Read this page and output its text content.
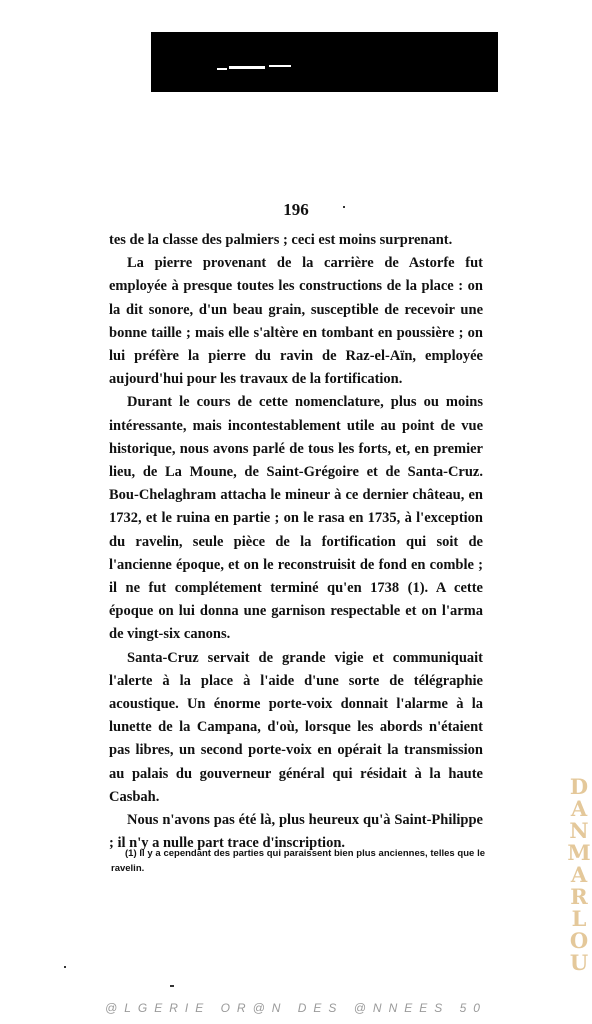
196

tes de la classe des palmiers ; ceci est moins surprenant.

La pierre provenant de la carrière de Astorfe fut employée à presque toutes les constructions de la place : on la dit sonore, d'un beau grain, susceptible de recevoir une bonne taille ; mais elle s'altère en tombant en poussière ; on lui préfère la pierre du ravin de Raz-el-Aïn, employée aujourd'hui pour les travaux de la fortification.

Durant le cours de cette nomenclature, plus ou moins intéressante, mais incontestablement utile au point de vue historique, nous avons parlé de tous les forts, et, en premier lieu, de La Moune, de Saint-Grégoire et de Santa-Cruz. Bou-Chelaghram attacha le mineur à ce dernier château, en 1732, et le ruina en partie ; on le rasa en 1735, à l'exception du ravelin, seule pièce de la fortification qui soit de l'ancienne époque, et on le reconstruisit de fond en comble ; il ne fut complétement terminé qu'en 1738 (1). A cette époque on lui donna une garnison respectable et on l'arma de vingt-six canons.

Santa-Cruz servait de grande vigie et communiquait l'alerte à la place à l'aide d'une sorte de télégraphie acoustique. Un énorme porte-voix donnait l'alarme à la lunette de la Campana, d'où, lorsque les abords n'étaient pas libres, un second porte-voix en opérait la transmission au palais du gouverneur général qui résidait à la haute Casbah.

Nous n'avons pas été là, plus heureux qu'à Saint-Philippe ; il n'y a nulle part trace d'inscription.

(1) Il y a cependant des parties qui paraissent bien plus anciennes, telles que le ravelin.

DANMARLOU
@LGERIE OR@N DES @NNEES 50
